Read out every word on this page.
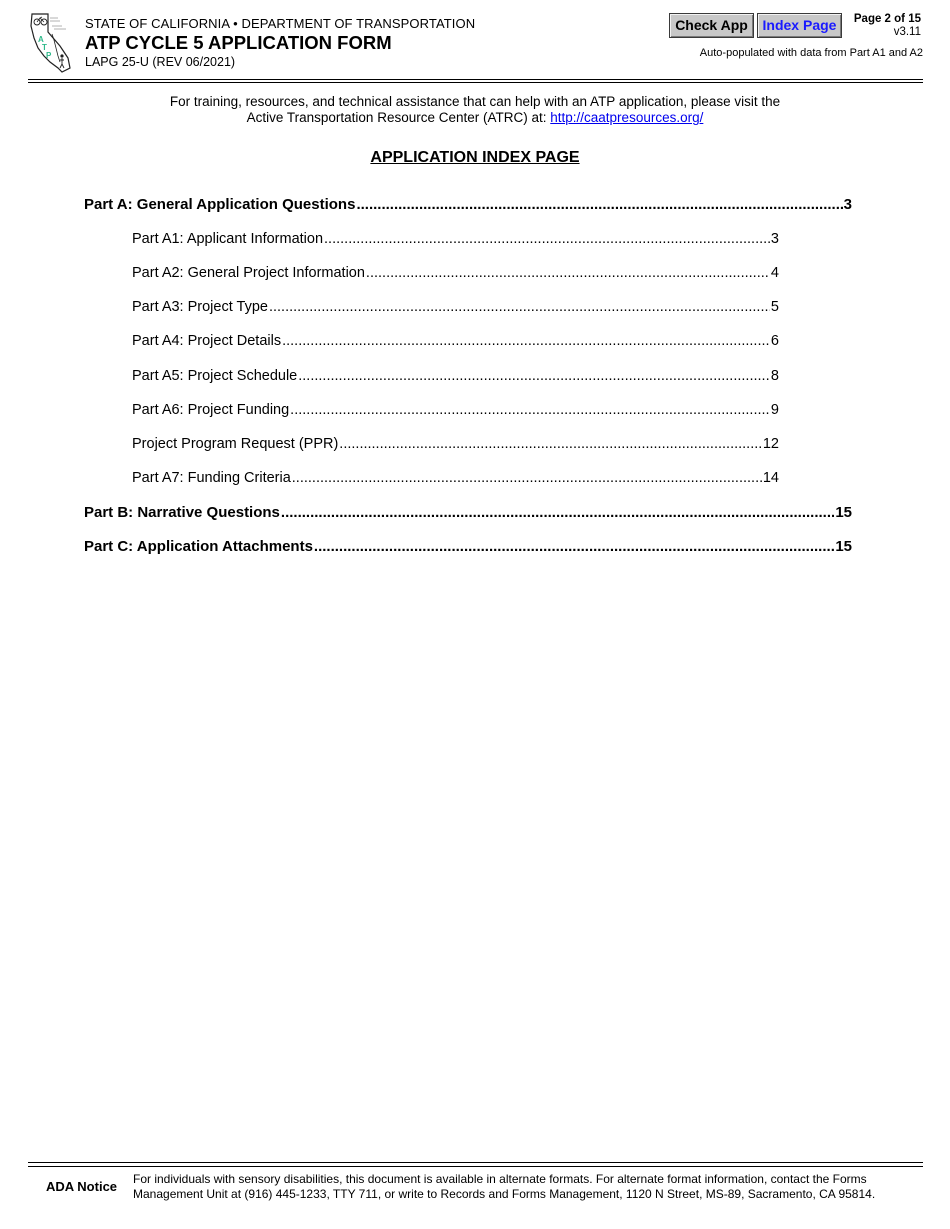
A
T
P
STATE OF CALIFORNIA • DEPARTMENT OF TRANSPORTATION
ATP CYCLE 5 APPLICATION FORM
LAPG 25-U (REV 06/2021)
Check App	Index Page	Page 2 of 15
v3.11
Auto-populated with data from Part A1 and A2
For training, resources, and technical assistance that can help with an ATP application, please visit the
Active Transportation Resource Center (ATRC) at: http://caatpresources.org/
APPLICATION INDEX PAGE
Part A: General Application Questions .....	3
Part A1: Applicant Information .....	3
Part A2: General Project Information .....	4
Part A3: Project Type .....	5
Part A4: Project Details .....	6
Part A5: Project Schedule .....	8
Part A6: Project Funding .....	9
Project Program Request (PPR) .....	12
Part A7: Funding Criteria .....	14
Part B: Narrative Questions .....	15
Part C: Application Attachments .....	15
ADA Notice For individuals with sensory disabilities, this document is available in alternate formats. For alternate format information, contact the Forms Management Unit at (916) 445-1233, TTY 711, or write to Records and Forms Management, 1120 N Street, MS-89, Sacramento, CA 95814.
